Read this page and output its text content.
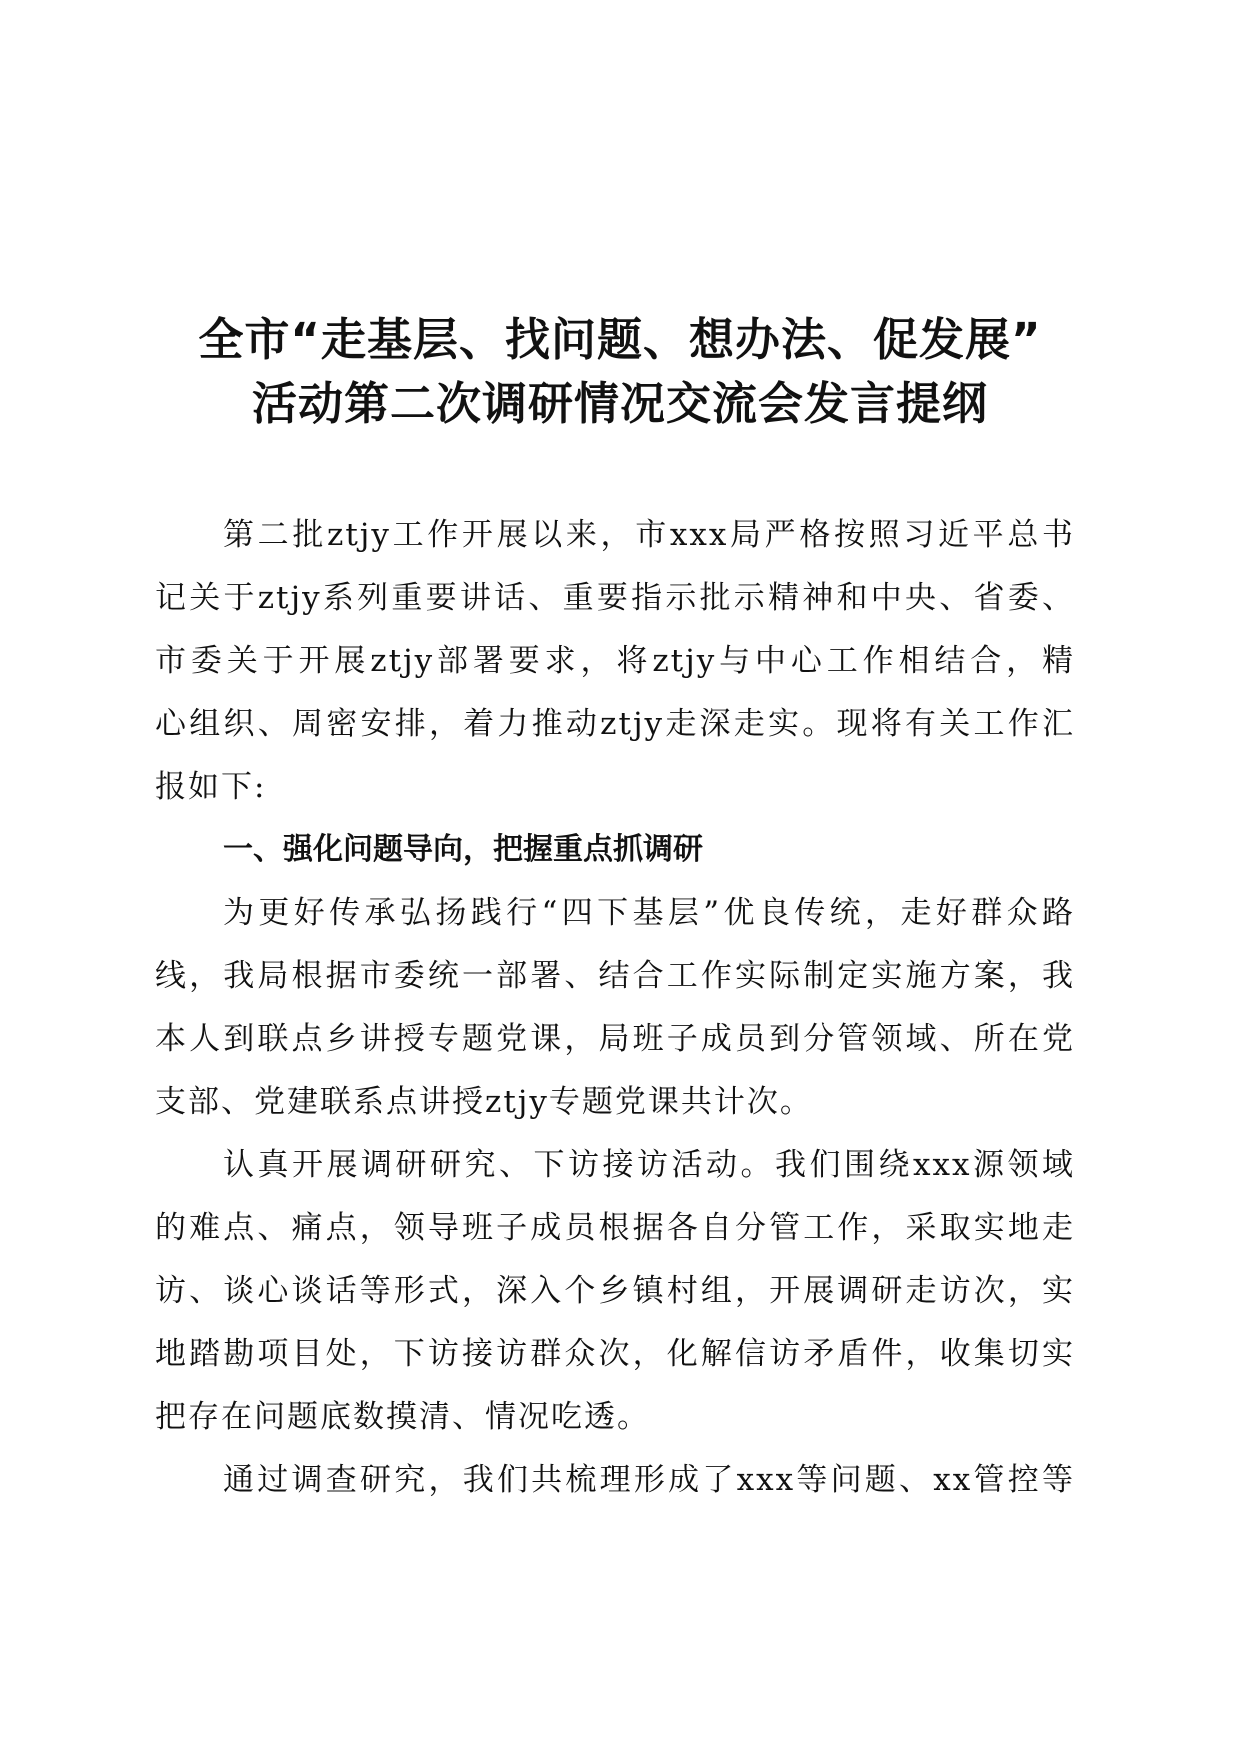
全市“走基层、找问题、想办法、促发展”
活动第二次调研情况交流会发言提纲
第二批ztjy工作开展以来，市xxx局严格按照习近平总书
记关于ztjy系列重要讲话、重要指示批示精神和中央、省委、
市委关于开展ztjy部署要求，将ztjy与中心工作相结合，精
心组织、周密安排，着力推动ztjy走深走实。现将有关工作汇
报如下:
一、强化问题导向，把握重点抓调研
为更好传承弘扬践行“四下基层”优良传统，走好群众路
线，我局根据市委统一部署、结合工作实际制定实施方案，我
本人到联点乡讲授专题党课，局班子成员到分管领域、所在党
支部、党建联系点讲授ztjy专题党课共计次。
认真开展调研研究、下访接访活动。我们围绕xxx源领域
的难点、痛点，领导班子成员根据各自分管工作，采取实地走
访、谈心谈话等形式，深入个乡镇村组，开展调研走访次，实
地踏勘项目处，下访接访群众次，化解信访矛盾件，收集切实
把存在问题底数摸清、情况吃透。
通过调查研究，我们共梳理形成了xxx等问题、xx管控等
